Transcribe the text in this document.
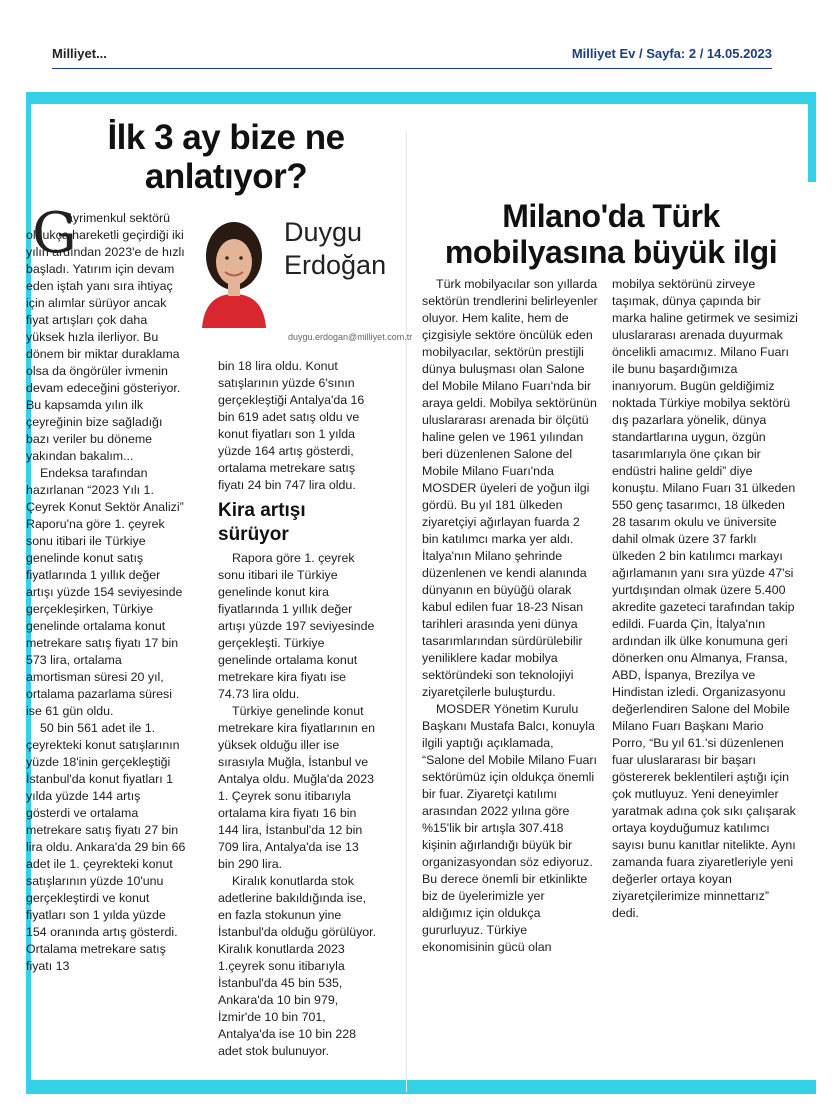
Milliyet...	Milliyet Ev / Sayfa: 2 / 14.05.2023
İlk 3 ay bize ne anlatıyor?
G	Duygu Erdoğan
duygu.erdogan@milliyet.com.tr

ayrimenkul sektörü oldukça hareketli geçirdiği iki yılın ardından 2023'e de hızlı başladı. Yatırım için devam eden iştah yanı sıra ihtiyaç için alımlar sürüyor ancak fiyat artışları çok daha yüksek hızla ilerliyor. Bu dönem bir miktar duraklama olsa da öngörüler ivmenin devam edeceğini gösteriyor. Bu kapsamda yılın ilk çeyreğinin bize sağladığı bazı veriler bu döneme yakından bakalım...

Endeksa tarafından hazırlanan “2023 Yılı 1. Çeyrek Konut Sektör Analizi” Raporu'na göre 1. çeyrek sonu itibari ile Türkiye genelinde konut satış fiyatlarında 1 yıllık değer artışı yüzde 154 seviyesinde gerçekleşirken, Türkiye genelinde ortalama konut metrekare satış fiyatı 17 bin 573 lira, ortalama amortisman süresi 20 yıl, ortalama pazarlama süresi ise 61 gün oldu.

50 bin 561 adet ile 1. çeyrekteki konut satışlarının yüzde 18'inin gerçekleştiği İstanbul'da konut fiyatları 1 yılda yüzde 144 artış gösterdi ve ortalama metrekare satış fiyatı 27 bin lira oldu. Ankara'da 29 bin 66 adet ile 1. çeyrekteki konut satışlarının yüzde 10'unu gerçekleştirdi ve konut fiyatları son 1 yılda yüzde 154 oranında artış gösterdi. Ortalama metrekare satış fiyatı 13

bin 18 lira oldu. Konut satışlarının yüzde 6'sının gerçekleştiği Antalya'da 16 bin 619 adet satış oldu ve konut fiyatları son 1 yılda yüzde 164 artış gösterdi, ortalama metrekare satış fiyatı 24 bin 747 lira oldu.

Kira artışı sürüyor

Rapora göre 1. çeyrek sonu itibari ile Türkiye genelinde konut kira fiyatlarında 1 yıllık değer artışı yüzde 197 seviyesinde gerçekleşti. Türkiye genelinde ortalama konut metrekare kira fiyatı ise 74.73 lira oldu.

Türkiye genelinde konut metrekare kira fiyatlarının en yüksek olduğu iller ise sırasıyla Muğla, İstanbul ve Antalya oldu. Muğla'da 2023 1. Çeyrek sonu itibarıyla ortalama kira fiyatı 16 bin 144 lira, İstanbul'da 12 bin 709 lira, Antalya'da ise 13 bin 290 lira.

Kiralık konutlarda stok adetlerine bakıldığında ise, en fazla stokunun yine İstanbul'da olduğu görülüyor. Kiralık konutlarda 2023 1.çeyrek sonu itibarıyla İstanbul'da 45 bin 535, Ankara'da 10 bin 979, İzmir'de 10 bin 701, Antalya'da ise 10 bin 228 adet stok bulunuyor.

Milano'da Türk mobilyasına büyük ilgi

Türk mobilyacılar son yıllarda sektörün trendlerini belirleyenler oluyor. Hem kalite, hem de çizgisiyle sektöre öncülük eden mobilyacılar, sektörün prestijli dünya buluşması olan Salone del Mobile Milano Fuarı'nda bir araya geldi. Mobilya sektörünün uluslararası arenada bir ölçütü haline gelen ve 1961 yılından beri düzenlenen Salone del Mobile Milano Fuarı'nda MOSDER üyeleri de yoğun ilgi gördü. Bu yıl 181 ülkeden ziyaretçiyi ağırlayan fuarda 2 bin katılımcı marka yer aldı. İtalya'nın Milano şehrinde düzenlenen ve kendi alanında dünyanın en büyüğü olarak kabul edilen fuar 18-23 Nisan tarihleri arasında yeni dünya tasarımlarından sürdürülebilir yeniliklere kadar mobilya sektöründeki son teknolojiyi ziyaretçilerle buluşturdu.

MOSDER Yönetim Kurulu Başkanı Mustafa Balcı, konuyla ilgili yaptığı açıklamada, “Salone del Mobile Milano Fuarı sektörümüz için oldukça önemli bir fuar. Ziyaretçi katılımı arasından 2022 yılına göre %15'lik bir artışla 307.418 kişinin ağırlandığı büyük bir organizasyondan söz ediyoruz. Bu derece önemli bir etkinlikte biz de üyelerimizle yer aldığımız için oldukça gururluyuz. Türkiye ekonomisinin gücü olan

mobilya sektörünü zirveye taşımak, dünya çapında bir marka haline getirmek ve sesimizi uluslararası arenada duyurmak öncelikli amacımız. Milano Fuarı ile bunu başardığımıza inanıyorum. Bugün geldiğimiz noktada Türkiye mobilya sektörü dış pazarlara yönelik, dünya standartlarına uygun, özgün tasarımlarıyla öne çıkan bir endüstri haline geldi” diye konuştu. Milano Fuarı 31 ülkeden 550 genç tasarımcı, 18 ülkeden 28 tasarım okulu ve üniversite dahil olmak üzere 37 farklı ülkeden 2 bin katılımcı markayı ağırlamanın yanı sıra yüzde 47'si yurtdışından olmak üzere 5.400 akredite gazeteci tarafından takip edildi. Fuarda Çin, İtalya'nın ardından ilk ülke konumuna geri dönerken onu Almanya, Fransa, ABD, İspanya, Brezilya ve Hindistan izledi. Organizasyonu değerlendiren Salone del Mobile Milano Fuarı Başkanı Mario Porro, “Bu yıl 61.'si düzenlenen fuar uluslararası bir başarı göstererek beklentileri aştığı için çok mutluyuz. Yeni deneyimler yaratmak adına çok sıkı çalışarak ortaya koyduğumuz katılımcı sayısı bunu kanıtlar nitelikte. Aynı zamanda fuara ziyaretleriyle yeni değerler ortaya koyan ziyaretçilerimize minnettarız” dedi.
